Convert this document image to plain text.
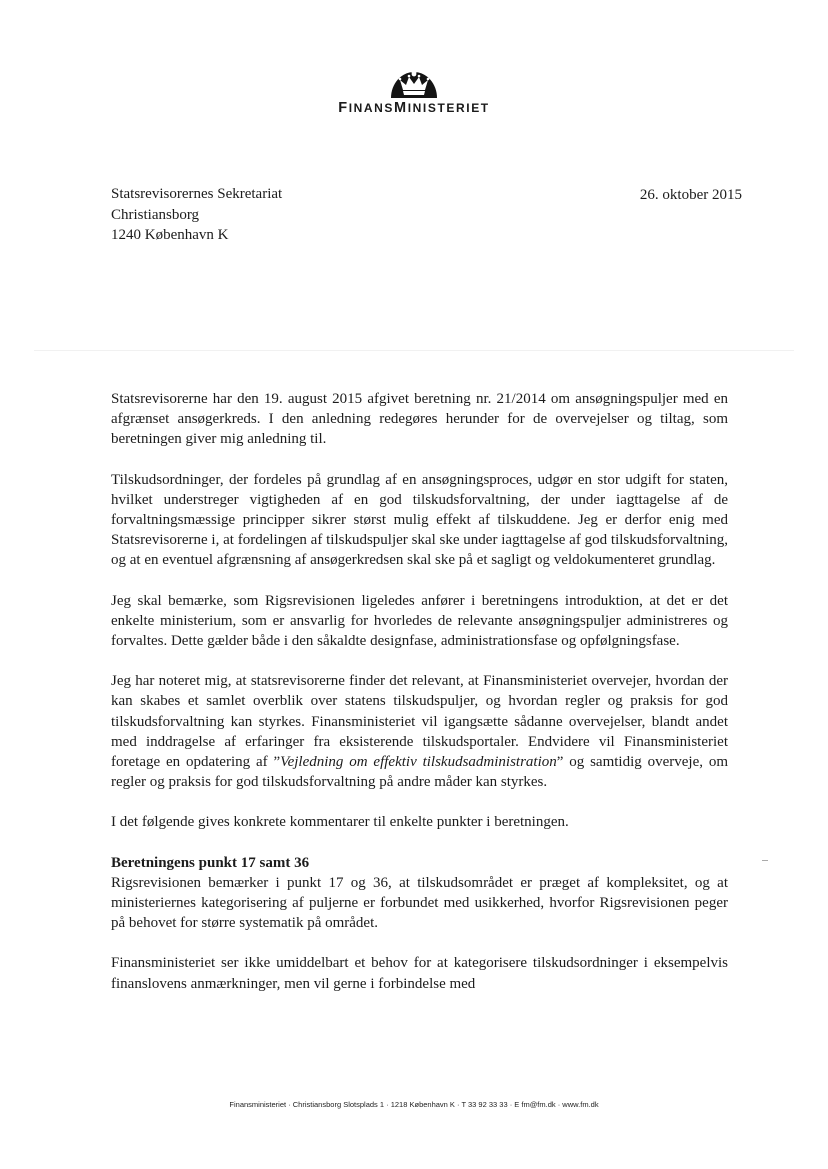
FINANSMINISTERIET
Statsrevisorernes Sekretariat
Christiansborg
1240 København K
26. oktober 2015

Statsrevisorerne har den 19. august 2015 afgivet beretning nr. 21/2014 om ansøgningspuljer med en afgrænset ansøgerkreds. I den anledning redegøres herunder for de overvejelser og tiltag, som beretningen giver mig anledning til.

Tilskudsordninger, der fordeles på grundlag af en ansøgningsproces, udgør en stor udgift for staten, hvilket understreger vigtigheden af en god tilskudsforvaltning, der under iagttagelse af de forvaltningsmæssige principper sikrer størst mulig effekt af tilskuddene. Jeg er derfor enig med Statsrevisorerne i, at fordelingen af tilskudspuljer skal ske under iagttagelse af god tilskudsforvaltning, og at en eventuel afgrænsning af ansøgerkredsen skal ske på et sagligt og veldokumenteret grundlag.

Jeg skal bemærke, som Rigsrevisionen ligeledes anfører i beretningens introduktion, at det er det enkelte ministerium, som er ansvarlig for hvorledes de relevante ansøgningspuljer administreres og forvaltes. Dette gælder både i den såkaldte designfase, administrationsfase og opfølgningsfase.

Jeg har noteret mig, at statsrevisorerne finder det relevant, at Finansministeriet overvejer, hvordan der kan skabes et samlet overblik over statens tilskudspuljer, og hvordan regler og praksis for god tilskudsforvaltning kan styrkes. Finansministeriet vil igangsætte sådanne overvejelser, blandt andet med inddragelse af erfaringer fra eksisterende tilskudsportaler. Endvidere vil Finansministeriet foretage en opdatering af ”Vejledning om effektiv tilskudsadministration” og samtidig overveje, om regler og praksis for god tilskudsforvaltning på andre måder kan styrkes.

I det følgende gives konkrete kommentarer til enkelte punkter i beretningen.

Beretningens punkt 17 samt 36

Rigsrevisionen bemærker i punkt 17 og 36, at tilskudsområdet er præget af kompleksitet, og at ministeriernes kategorisering af puljerne er forbundet med usikkerhed, hvorfor Rigsrevisionen peger på behovet for større systematik på området.

Finansministeriet ser ikke umiddelbart et behov for at kategorisere tilskudsordninger i eksempelvis finanslovens anmærkninger, men vil gerne i forbindelse med

Finansministeriet · Christiansborg Slotsplads 1 · 1218 København K · T 33 92 33 33 · E fm@fm.dk · www.fm.dk
